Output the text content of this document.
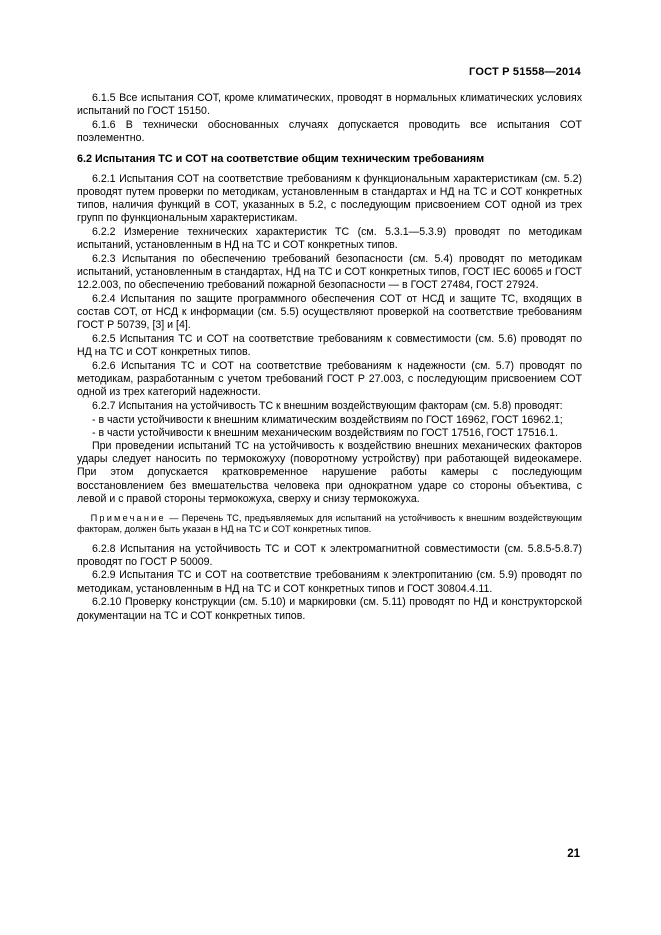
ГОСТ Р 51558—2014

6.1.5 Все испытания СОТ, кроме климатических, проводят в нормальных климатических условиях испытаний по ГОСТ 15150.

6.1.6 В технически обоснованных случаях допускается проводить все испытания СОТ поэлементно.

6.2 Испытания ТС и СОТ на соответствие общим техническим требованиям

6.2.1 Испытания СОТ на соответствие требованиям к функциональным характеристикам (см. 5.2) проводят путем проверки по методикам, установленным в стандартах и НД на ТС и СОТ конкретных типов, наличия функций в СОТ, указанных в 5.2, с последующим присвоением СОТ одной из трех групп по функциональным характеристикам.

6.2.2 Измерение технических характеристик ТС (см. 5.3.1—5.3.9) проводят по методикам испытаний, установленным в НД на ТС и СОТ конкретных типов.

6.2.3 Испытания по обеспечению требований безопасности (см. 5.4) проводят по методикам испытаний, установленным в стандартах, НД на ТС и СОТ конкретных типов, ГОСТ IEC 60065 и ГОСТ 12.2.003, по обеспечению требований пожарной безопасности — в ГОСТ 27484, ГОСТ 27924.

6.2.4 Испытания по защите программного обеспечения СОТ от НСД и защите ТС, входящих в состав СОТ, от НСД к информации (см. 5.5) осуществляют проверкой на соответствие требованиям ГОСТ Р 50739, [3] и [4].

6.2.5 Испытания ТС и СОТ на соответствие требованиям к совместимости (см. 5.6) проводят по НД на ТС и СОТ конкретных типов.

6.2.6 Испытания ТС и СОТ на соответствие требованиям к надежности (см. 5.7) проводят по методикам, разработанным с учетом требований ГОСТ Р 27.003, с последующим присвоением СОТ одной из трех категорий надежности.

6.2.7 Испытания на устойчивость ТС к внешним воздействующим факторам (см. 5.8) проводят:

- в части устойчивости к внешним климатическим воздействиям по ГОСТ 16962, ГОСТ 16962.1;

- в части устойчивости к внешним механическим воздействиям по ГОСТ 17516, ГОСТ 17516.1.

При проведении испытаний ТС на устойчивость к воздействию внешних механических факторов удары следует наносить по термокожуху (поворотному устройству) при работающей видеокамере. При этом допускается кратковременное нарушение работы камеры с последующим восстановлением без вмешательства человека при однократном ударе со стороны объектива, с левой и с правой стороны термокожуха, сверху и снизу термокожуха.

Примечание — Перечень ТС, предъявляемых для испытаний на устойчивость к внешним воздействующим факторам, должен быть указан в НД на ТС и СОТ конкретных типов.

6.2.8 Испытания на устойчивость ТС и СОТ к электромагнитной совместимости (см. 5.8.5-5.8.7) проводят по ГОСТ Р 50009.

6.2.9 Испытания ТС и СОТ на соответствие требованиям к электропитанию (см. 5.9) проводят по методикам, установленным в НД на ТС и СОТ конкретных типов и ГОСТ 30804.4.11.

6.2.10 Проверку конструкции (см. 5.10) и маркировки (см. 5.11) проводят по НД и конструкторской документации на ТС и СОТ конкретных типов.

21
